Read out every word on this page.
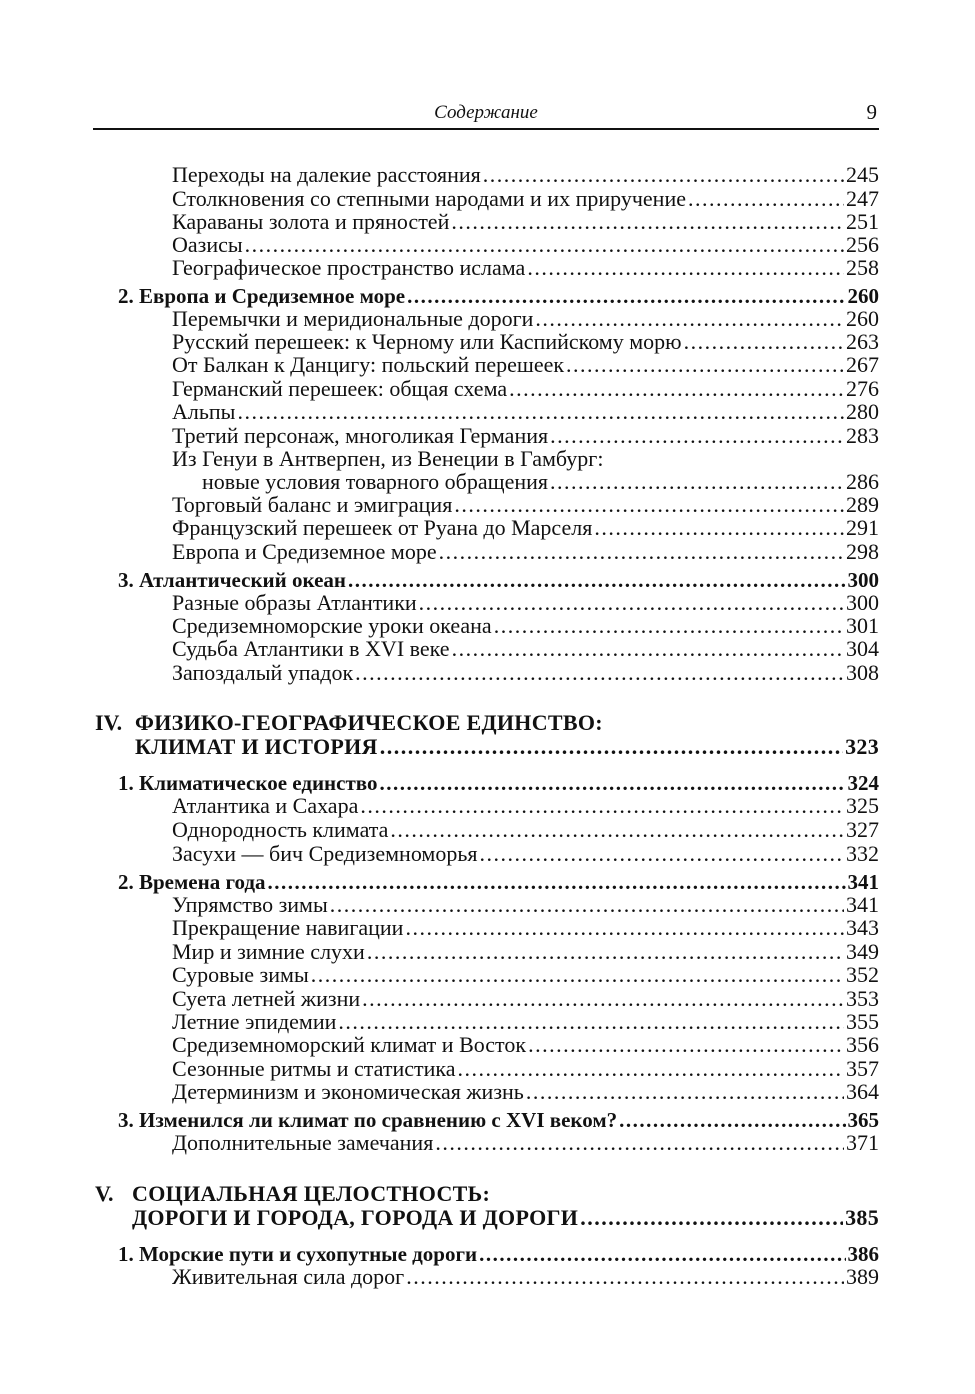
Содержание	9
Переходы на далекие расстояния .....	245
Столкновения со степными народами и их приручение .....	247
Караваны золота и пряностей .....	251
Оазисы .....	256
Географическое пространство ислама .....	258
2. Европа и Средиземное море .....	260
Перемычки и меридиональные дороги .....	260
Русский перешеек: к Черному или Каспийскому морю .....	263
От Балкан к Данцигу: польский перешеек .....	267
Германский перешеек: общая схема .....	276
Альпы .....	280
Третий персонаж, многоликая Германия .....	283
Из Генуи в Антверпен, из Венеции в Гамбург:
новые условия товарного обращения .....	286
Торговый баланс и эмиграция .....	289
Французский перешеек от Руана до Марселя .....	291
Европа и Средиземное море .....	298
3. Атлантический океан .....	300
Разные образы Атлантики .....	300
Средиземноморские уроки океана .....	301
Судьба Атлантики в XVI веке .....	304
Запоздалый упадок .....	308
IV. ФИЗИКО-ГЕОГРАФИЧЕСКОЕ ЕДИНСТВО:
КЛИМАТ И ИСТОРИЯ .....	323
1. Климатическое единство .....	324
Атлантика и Сахара .....	325
Однородность климата .....	327
Засухи — бич Средиземноморья .....	332
2. Времена года .....	341
Упрямство зимы .....	341
Прекращение навигации .....	343
Мир и зимние слухи .....	349
Суровые зимы .....	352
Суета летней жизни .....	353
Летние эпидемии .....	355
Средиземноморский климат и Восток .....	356
Сезонные ритмы и статистика .....	357
Детерминизм и экономическая жизнь .....	364
3. Изменился ли климат по сравнению с XVI веком? .....	365
Дополнительные замечания .....	371
V. СОЦИАЛЬНАЯ ЦЕЛОСТНОСТЬ:
ДОРОГИ И ГОРОДА, ГОРОДА И ДОРОГИ .....	385
1. Морские пути и сухопутные дороги .....	386
Живительная сила дорог .....	389
